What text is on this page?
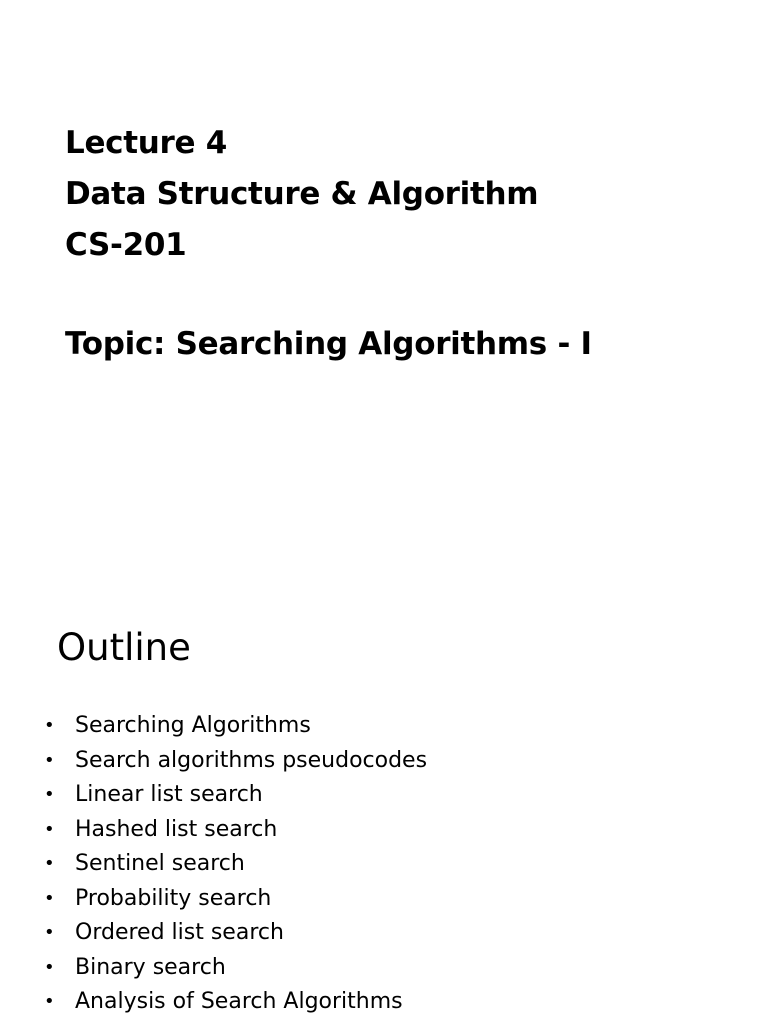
Lecture 4
Data Structure & Algorithm
CS-201
Topic: Searching Algorithms - I
Outline
• Searching Algorithms
• Search algorithms pseudocodes
• Linear list search
• Hashed list search
• Sentinel search
• Probability search
• Ordered list search
• Binary search
• Analysis of Search Algorithms
